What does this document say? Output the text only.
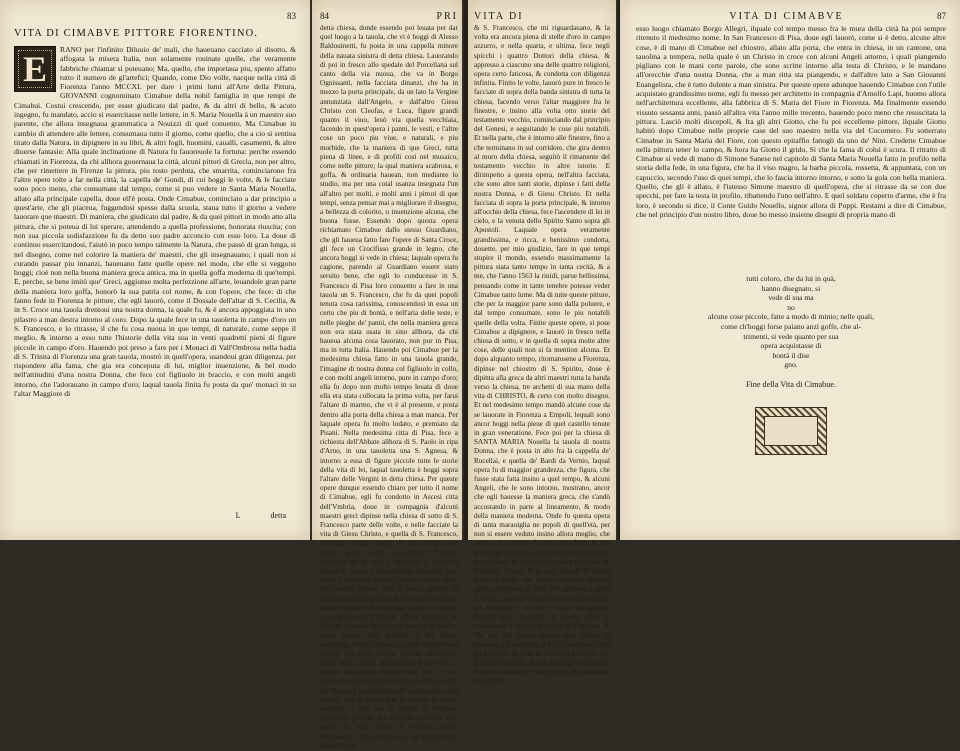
83
VITA DI CIMABVE PITTORE FIORENTINO.
E	RANO per l'infinito Diluuio de' mali, che haueuano cacciato al disotto, & affogata la misera Italia, non solamente rouinate quelle, che veramente fabbriche chiamar si poteuano; Ma, quello, che importaua piu, spento affatto tutto il numero de gl'artefici; Quando, come Dio volle, nacque nella città di Fiorenza l'anno MCCXL per dare i primi lumi all'Arte della Pittura, GIOVANNI cognominato Cimabue della nobil famiglia in que tempi de Cimabui. Costui crescendo, per esser giudicato dal padre, & da altri di bello, & acuto ingegno, fu mandato, accio si essercitasse nelle lettere, in S. Maria Nouella à un maestro suo parente, che allora insegnaua grammatica a Nouizzi di quel conuento. Ma Cimabue in cambio di attendere alle lettere, consumaua tutto il giorno, come quello, che a cio si sentiua tirato dalla Natura, in dipignere in su libri, & altri fogli, huomini, caualli, casamenti, & altre diuerse fantasie: Alla quale inclinatione di Natura fu fauoreuole la fortuna: perche essendo chiamati in Fiorenza, da chi allhora gouernaua la città, alcuni pittori di Grecia, non per altro, che per rimettere in Firenze la pittura, piu tosto perduta, che smarrita, cominciarono fra l'altre opere tolte a far nella città, la capella de' Gondi, di cui hoggi le volte, & le facciate sono poco meno, che consumate dal tempo, come si puo vedere in Santa Maria Nouella, allato alla principale capella, doue ell'è posta. Onde Cimabue, cominciato a dar principio a quest'arte, che gli piaceua, fuggendosi spesso dalla scuola, staua tutto il giorno a vedere lauorare que maestri. Di maniera, che giudicato dal padre, & da quei pittori in modo atto alla pittura, che si poteua di lui sperare, attendendo a quella professione, honorata riuscita; con non sua piccola sodisfazzione fu da detto suo padre acconcio con esso loro. La doue di continuo essercitandosi, l'aiutò in poco tempo talmente la Natura, che passò di gran lunga, si nel disegno, come nel colorire la maniera de' maestri, che gli insegnauano; i quali non si curando passar piu innanzi, haueuano fatte quelle opere nel modo, che elle si veggono hoggi; cioè non nella buona maniera greca antica, ma in quella goffa moderna di que'tempi. E, perche, se bene imitò que' Greci, aggiunse molta perfezzione all'arte, leuandole gran parte della maniera loro goffa, honorò la sua patria col nome, & con l'opere, che fece: di che fanno fede in Fiorenza le pitture, che egli lauorò, come il Dossale dell'altar di S. Cecilia, & in S. Croce una tauola drentoui una nostra donna, la quale fu, & è ancora appoggiata in uno pilastro a man destra intorno al coro. Dopo la quale fece in una tauoletta in campo d'oro un S. Francesco, e lo ritrasse, il che fu cosa nuoua in que tempi, di naturale, come seppe il meglio, & intorno a esso tutte l'historie della vita sua in venti quadretti pieni di figure piccole in campo d'oro. Hauendo poi preso a fare per i Monaci di Vall'Ombrosa nella badia di S. Trinita di Fiorenza una gran tauola, mostrò in quell'opera, usandoui gran diligenza, per rispondere alla fama, che gia era conceputa di lui, miglior inuenzione, & bel modo nell'attitudini d'una nostra Donna, che fece col figliuolo in braccio, e con molti angeli intorno, che l'adorauano in campo d'oro; laqual tauola finita fu posta da que' monaci in su l'altar Maggiore di
L	detta
84	PRI
detta chiesa, donde essendo poi leuata per dar quel luogo a la tauola, che vi è hoggi di Alesso Baldouinetti, fu posta in una cappella minore della nauata sinistra di detta chiesa. Lauorando di poi in fresco allo spedale del Porcellana sul canto della via nuoua, che va in Borgo Ognissanti, nella facciata dinanzi, che ha in mezzo la porta principale, da un lato la Vergine annunziata dall'Angelo, e dall'altro Giesu Christo con Cleofas, e Luca, figure grandi quanto il viuo, leuò via quella vecchiaia, facendo in quest'opera i panni, le vesti, e l'altre cose un poco piu viue, e naturali, e piu morbide, che la maniera di que Greci, tutta piena di linee, e di profili cosi nel musaico, come nelle pitture; la qual maniera scabrosa, e goffa, & ordinaria hauean, non mediante lo studio, ma per una cotal usanza insegnata l'un all'altro per molti, e molti anni i pittori di que tempi, senza pensar mai a migliorare il disegno, a bellezza di colorito, o inuenzione alcuna, che buona fusse. Essendo dopo questa opera richiamato Cimabue dallo stesso Guardiano, che gli haueua fatto fare l'opere di Santa Croce, gli fece un Crocifisso grande in legno, che ancora hoggi si vede in chiesa; laquale opera fu cagione, parendo al Guardiano essere stato seruito bene, che egli lo conducesse in S. Francesco di Pisa loro conuento a fare in una tauola un S. Francesco, che fu da quei popoli tenuta cosa rarissima, conoscendosi in essa un certo che piu di bontà, e nell'aria delle teste, e nelle pieghe de' panni, che nella maniera greca non era stata usata in sino allhora, da chi haueua alcuna cosa lauorato, non pur in Pisa, ma in tutta Italia. Hauendo poi Cimabue per la medesima chiesa fatto in una tauola grande, l'imagine di nostra donna col figliuolo in collo, e con molti angeli intorno, pure in campo d'oro; ella fu dopo non molto tempo leuata di doue ella era stata collocata la prima volta, per farui l'altare di marmo, che vi è al presente, e posta dentro alla porta della chiesa a man manca. Per laquale opera fu molto lodato, e premiato da Pisani. Nella medesima citta di Pisa, fece a richiesta dell'Abbate allhora di S. Paolo in ripa d'Arno, in una tauoletta una S. Agnesa, & intorno a essa di figure piccole tutte le storie della vita di lei, laqual tauoletta è hoggi sopra l'altare delle Vergini in detta chiesa. Per queste opere dunque essendo chiaro per tutto il nome di Cimabue, egli fu condotto in Ascesi citta dell'Vmbria, doue in compagnia d'alcuni maestri greci dipinse nella chiesa di sotto di S. Francesco parte delle volte, e nelle facciate la vita di Giesu Christo, e quella di S. Francesco, nellequali pitture passò di gran lunga quei pittori greci; onde cresciutogli l'animo, cominciò da se solo a dipignere a fresco la chiesa di sopra, e nella tribuna maggiore fece sopra il choro in quattro facciate alcune storie della nostra Donna, cioè la morte, quando da Christo è portata l'anima di lei in cielo sopra un trono di nuuole; & in un'altra quando in mezzo a un gran coro d'Angeli, ella è coronata da Christo, essendo da pie gran numero di santi, e sante, hoggi dalla poluere, e dal tempo consumati. Nelle crociere poi delle volte di essa chiesa, che sono cinque, dipinse similmente molte storie. Nella prima sopra il coro fece i quattro Euangelisti maggiori del viuo, e cosi bene, che ancor hoggi si conosce in loro assai del buono, e la freschezza de' colori nelle carni mostra, che la fresca arte di lauorar in fresco cominciò a fare per le fatiche di Cimabue guadagno grande. La seconda crociera fece piena di stelle d'oro in campo azzurro oltramarino. Nella terza fece in alcuni tondi Giesu Christ
VITA DI
& S. Francesco, che mi riguardauano, & la volta era ancora piena di stelle d'oro in campo azzurro, e nella quarta, e ultima, fece negli spicchi i quattro Dottori della chiesa, & appresso a ciascuno una delle quattro religioni, opera certo faticosa, & condotta con diligenza infinita. Finito le volte, lauorò pure in fresco le facciate di sopra della banda sinistra di tutta la chiesa, facendo verso l'altar maggiore fra le finestre, e insino alla volta otto storie del testamento vecchio, cominciando dal principio del Genesi, e seguitando le cose piu notabili. Et nella parte, che è intorno alle finestre, fino a che terminano in sul corridore, che gira dentro al muro della chiesa, seguitò il rimanente del testamento vecchio in altre istorie. E dirimpetto a questa opera, nell'altra facciata, che sono altre tanti storie, dipinse i fatti della nostra Donna, e di Giesu Christo. Et nella facciata di sopra la porta principale, & intorno all'occhio della chiesa, fece l'ascendere di lei in cielo, e la venuta dello Spirito Santo sopra gli Apostoli. Laquale opera veramente grandissima, e ricca, e benissimo condotta, douette, per mio giudizio, fare in que tempi stupire il mondo, essendo massimamente la pittura stata tanto tempo in tanta cecità, & a me, che l'anno 1563 la riuidi, parue bellissima, pensando come in tante tenebre potesse veder Cimabue tanto lume. Ma di tutte queste pitture, che per la maggior parte sono dalla poluere, e dal tempo consumate, sono le piu notabili quelle della volta. Finite queste opere, si pose Cimabue a dipignere, e lauorò in fresco nella chiesa di sotto, e in quella di sopra molte altre cose, delle quali non si fa mention alcuna. Et dopo alquanto tempo, ritornatosene a Fiorenza, dipinse nel chiostro di S. Spirito, doue è dipinta alla greca da altri maestri tutta la banda verso la chiesa, tre archetti di sua mano della vita di CHRISTO, & certo con molto disegno. Et nel medesimo tempo mandò alcune cose da se lauorate in Fiorenza a Empoli, lequali sono ancor hoggi nella pieue di quel castello tenute in gran veneratione. Fece poi per la chiesa di SANTA MARIA Nouella la tauola di nostra Donna, che è posta in alto fra la cappella de' Rucellai, e quella de' Bardi da Vernio, laqual opera fu di maggior grandezza, che figura, che fusse stata fatta insino a quel tempo, & alcuni Angeli, che le sono intorno, mostrano, ancor che egli hauesse la maniera greca, che s'andò accostando in parte al lineamento, & modo della maniera moderna. Onde fu questa opera di tanta marauiglia ne popoli di quell'età, per non si essere veduto insino allora meglio, che di casa di Cimabue fu con molta festa, & con le trombe alla chiesa portata con solennissima processione, & egli per cio molto premiato, & honorato. Dicesi, & in certi ricordi di vecchi pittori si legge, che mentre Cimabue la detta tauola dipigneua in certi orti appresso a porta S. Piero, passò il Re Carlo il vecchio d'Angio per Fiorenza, e che fra le molte accoglienze fattegli dagli huomini di questa città, lo condussero a vedere la tauola di Cimabue, & che per non essere ancora stata veduta da nessuno, nel mostrarla al Re vi concorsero tutti gli huomini, & tutte le donne di Fiorenza con grandissima festa, & con la maggior calca del mondo. Laonde per l'allegrezza, che n'hebbero i vicini, fu
VITA DI CIMABVE	87
esso luogo chiamato Borgo Allegri, ilquale col tempo messo fra le mura della città ha poi sempre ritenuto il medesimo nome. In San Francesco di Pisa, doue egli lauorò, come si è detto, alcune altre cose, è di mano di Cimabue nel chiostro, allato alla porta, che entra in chiesa, in un cantone, una tauolina a tempera, nella quale è un Christo in croce con alcuni Angeli attorno, i quali piangendo pigliano con le mani certe parole, che sono scritte intorno alla testa di Christo, e le mandano all'orecchie d'una nostra Donna, che a man ritta sta piangendo, e dall'altro lato a San Giouanni Euangelista, che è tutto dolente a man sinistra. Per queste opere adunque hauendo Cimabue con l'utile acquistato grandissimo nome, egli fu messo per architetto in compagnia d'Arnolfo Lapi, huomo allora nell'architettura eccellente, alla fabbrica di S. Maria del Fiore in Fiorenza. Ma finalmente essendo vissuto sessanta anni, passò all'altra vita l'anno mille trecento, hauendo poco meno che resuscitata la pittura. Lasciò molti discepoli, & fra gli altri Giotto, che fu poi eccellente pittore, ilquale Giotto habitò dopo Cimabue nelle proprie case del suo maestro nella via del Cocomero. Fu sotterrato Cimabue in Santa Maria del Fiore, con questo epitaffio fattogli da uno de' Nini. Credette Cimabue nella pittura tener lo campo, & hora ha Giotto il grido, Si che la fama di colui è scura. Il ritratto di Cimabue si vede di mano di Simone Sanese nel capitolo di Santa Maria Nouella fatto in profilo nella storia della fede, in una figura, che ha il viso magro, la barba piccola, rossetta, & appuntata, con un capuccio, secondo l'uso di quei tempi, che lo fascia intorno intorno, e sotto la gola con bella maniera. Quello, che gli è allato, è l'istesso Simone maestro di quell'opera, che si ritrasse da se con due specchi, per fare la testa in profilo, ribattendo l'uno nell'altro. E quel soldato coperto d'arme, che è fra loro, è secondo si dice, il Conte Guido Nouello, signor allora di Poppi. Restami a dire di Cimabue, che nel principio d'un nostro libro, doue ho messo insieme disegni di propria mano di
tutti coloro, che da lui in quà,
hanno disegnato, si
vede di sua ma
no
alcune cose piccole, fatte a modo di minio; nelle quali,
come ch'hoggi forse paiano anzi goffe, che al-
trimenti, si vede quanto per sua
opera acquistasse di
bontà il dise
gno.
Fine della Vita di Cimabue.
